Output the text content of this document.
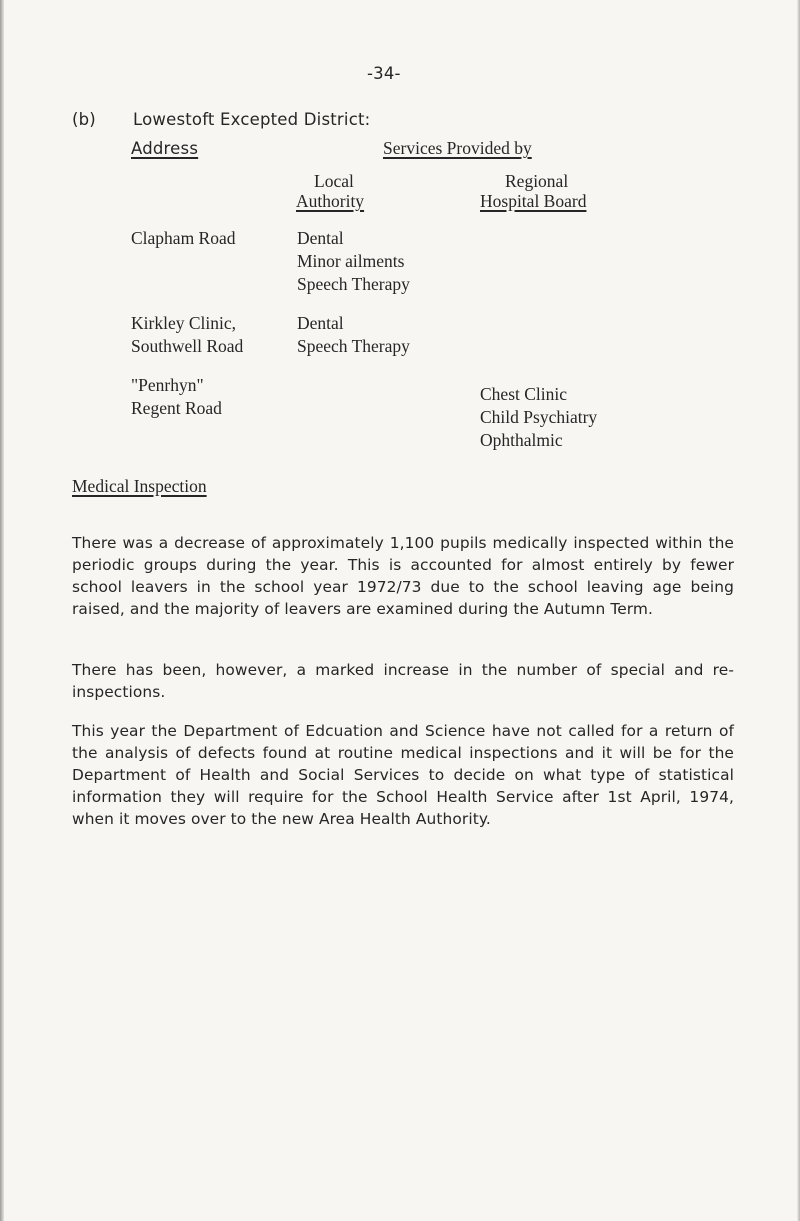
-34-
(b) Lowestoft Excepted District:
Address	Services Provided by
Local
Authority
Regional
Hospital Board
Clapham Road	Dental
Minor ailments
Speech Therapy
Kirkley Clinic,
Southwell Road
Dental
Speech Therapy
"Penrhyn"
Regent Road
Chest Clinic
Child Psychiatry
Ophthalmic
Medical Inspection

There was a decrease of approximately 1,100 pupils medically inspected within the periodic groups during the year. This is accounted for almost entirely by fewer school leavers in the school year 1972/73 due to the school leaving age being raised, and the majority of leavers are examined during the Autumn Term.

There has been, however, a marked increase in the number of special and re-inspections.

This year the Department of Edcuation and Science have not called for a return of the analysis of defects found at routine medical inspections and it will be for the Department of Health and Social Services to decide on what type of statistical information they will require for the School Health Service after 1st April, 1974, when it moves over to the new Area Health Authority.
